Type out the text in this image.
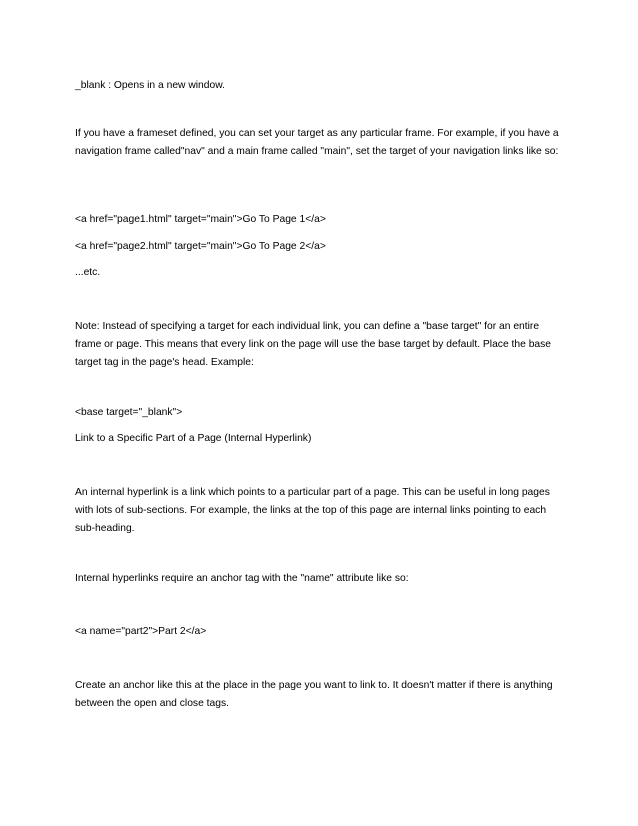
_blank : Opens in a new window.

If you have a frameset defined, you can set your target as any particular frame. For example, if you have a navigation frame called"nav" and a main frame called "main", set the target of your navigation links like so:

<a href="page1.html" target="main">Go To Page 1</a>

<a href="page2.html" target="main">Go To Page 2</a>

...etc.

Note: Instead of specifying a target for each individual link, you can define a "base target" for an entire frame or page. This means that every link on the page will use the base target by default. Place the base target tag in the page's head. Example:

<base target="_blank">

Link to a Specific Part of a Page (Internal Hyperlink)

An internal hyperlink is a link which points to a particular part of a page. This can be useful in long pages with lots of sub-sections. For example, the links at the top of this page are internal links pointing to each sub-heading.

Internal hyperlinks require an anchor tag with the "name" attribute like so:

<a name="part2">Part 2</a>

Create an anchor like this at the place in the page you want to link to. It doesn't matter if there is anything between the open and close tags.
